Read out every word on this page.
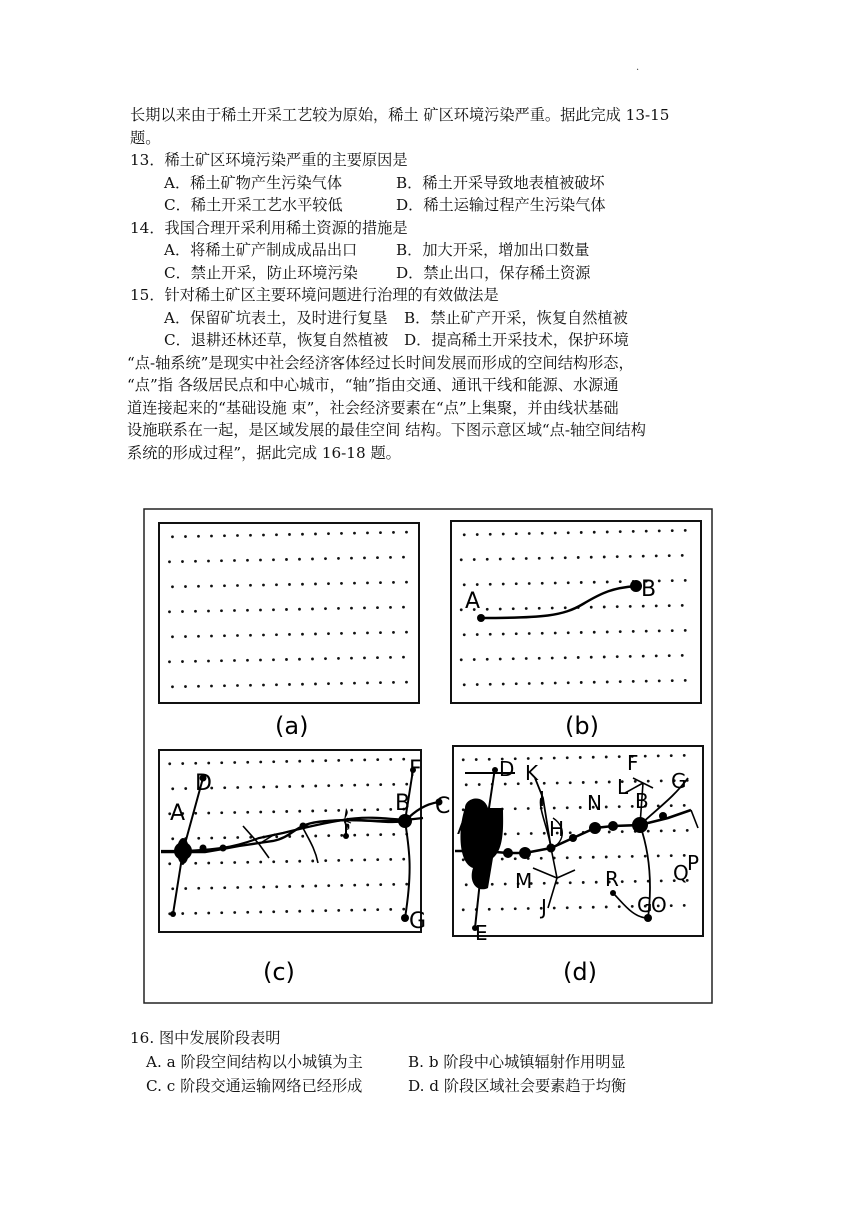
.
长期以来由于稀土开采工艺较为原始，稀土 矿区环境污染严重。据此完成 13-15
题。
13．稀土矿区环境污染严重的主要原因是
A．稀土矿物产生污染气体	B．稀土开采导致地表植被破坏
C．稀土开采工艺水平较低	D．稀土运输过程产生污染气体
14．我国合理开采利用稀土资源的措施是
A．将稀土矿产制成成品出口	B．加大开采，增加出口数量
C．禁止开采，防止环境污染	D．禁止出口，保存稀土资源
15．针对稀土矿区主要环境问题进行治理的有效做法是
A．保留矿坑表土，及时进行复垦 B．禁止矿产开采，恢复自然植被
C．退耕还林还草，恢复自然植被 D．提高稀土开采技术，保护环境
“点-轴系统”是现实中社会经济客体经过长时间发展而形成的空间结构形态，
“点”指 各级居民点和中心城市，“轴”指由交通、通讯干线和能源、水源通
道连接起来的“基础设施 束”，社会经济要素在“点”上集聚，并由线状基础
设施联系在一起，是区域发展的最佳空间 结构。下图示意区域“点-轴空间结构
系统的形成过程”，据此完成 16-18 题。
(a)	(b)
(c)	(d)
A	B
A
D
F
B C
G
D K
I
H
A
E
M
J
N
L
F
B
G
Q
P
R
G
O
16. 图中发展阶段表明
A. a 阶段空间结构以小城镇为主	B. b 阶段中心城镇辐射作用明显
C. c 阶段交通运输网络已经形成	D. d 阶段区域社会要素趋于均衡
